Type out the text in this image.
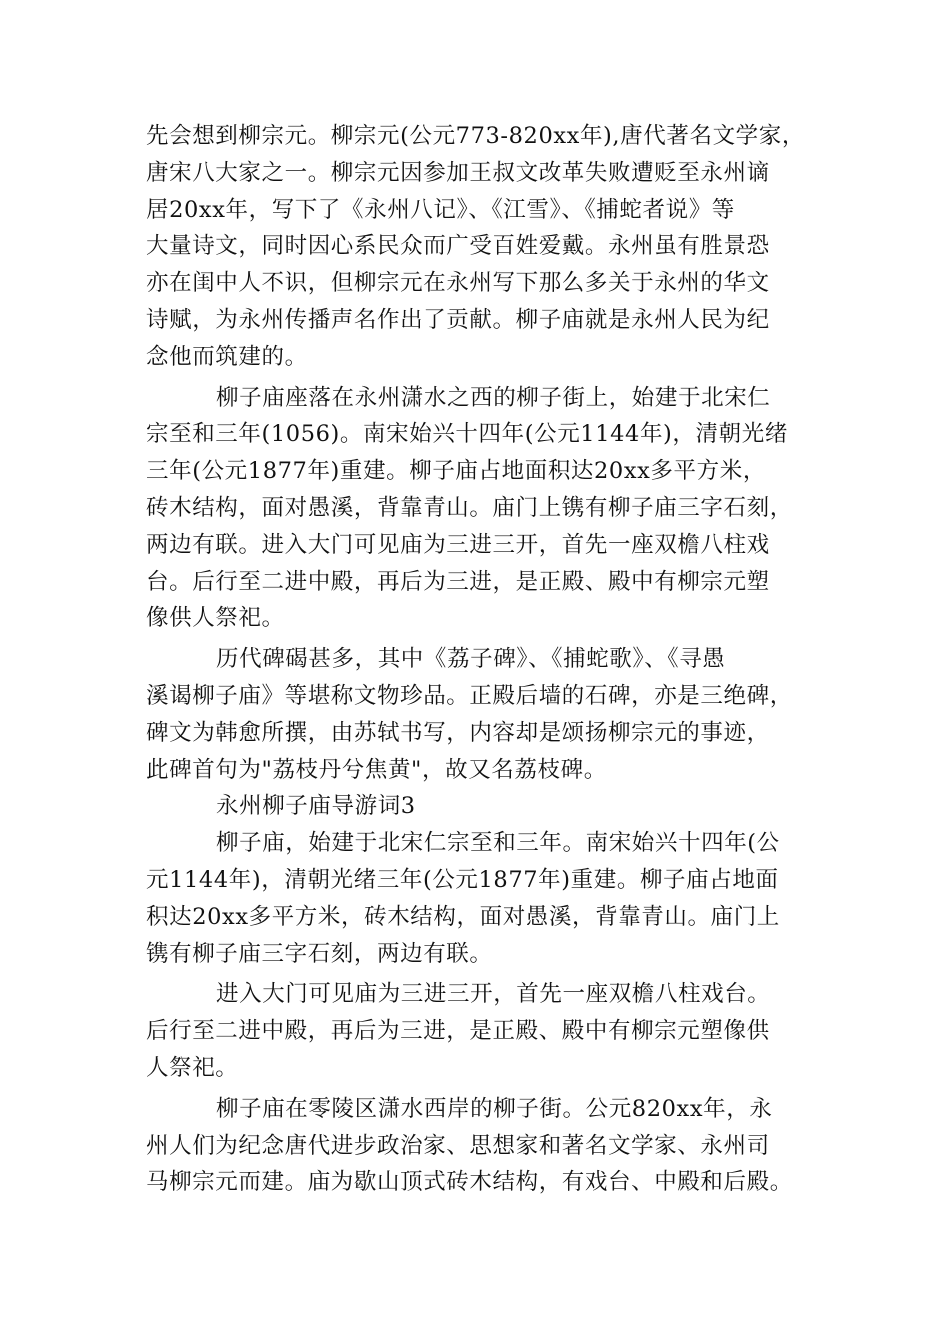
先会想到柳宗元。柳宗元(公元773-820xx年),唐代著名文学家，
唐宋八大家之一。柳宗元因参加王叔文改革失败遭贬至永州谪
居20xx年，写下了《永州八记》、《江雪》、《捕蛇者说》等
大量诗文，同时因心系民众而广受百姓爱戴。永州虽有胜景恐
亦在闺中人不识，但柳宗元在永州写下那么多关于永州的华文
诗赋，为永州传播声名作出了贡献。柳子庙就是永州人民为纪
念他而筑建的。
柳子庙座落在永州潇水之西的柳子街上，始建于北宋仁
宗至和三年(1056)。南宋始兴十四年(公元1144年)，清朝光绪
三年(公元1877年)重建。柳子庙占地面积达20xx多平方米，
砖木结构，面对愚溪，背靠青山。庙门上镌有柳子庙三字石刻，
两边有联。进入大门可见庙为三进三开，首先一座双檐八柱戏
台。后行至二进中殿，再后为三进，是正殿、殿中有柳宗元塑
像供人祭祀。
历代碑碣甚多，其中《荔子碑》、《捕蛇歌》、《寻愚
溪谒柳子庙》等堪称文物珍品。正殿后墙的石碑，亦是三绝碑，
碑文为韩愈所撰，由苏轼书写，内容却是颂扬柳宗元的事迹，
此碑首句为"荔枝丹兮焦黄"，故又名荔枝碑。
永州柳子庙导游词3
柳子庙，始建于北宋仁宗至和三年。南宋始兴十四年(公
元1144年)，清朝光绪三年(公元1877年)重建。柳子庙占地面
积达20xx多平方米，砖木结构，面对愚溪，背靠青山。庙门上
镌有柳子庙三字石刻，两边有联。
进入大门可见庙为三进三开，首先一座双檐八柱戏台。
后行至二进中殿，再后为三进，是正殿、殿中有柳宗元塑像供
人祭祀。
柳子庙在零陵区潇水西岸的柳子街。公元820xx年，永
州人们为纪念唐代进步政治家、思想家和著名文学家、永州司
马柳宗元而建。庙为歇山顶式砖木结构，有戏台、中殿和后殿。
